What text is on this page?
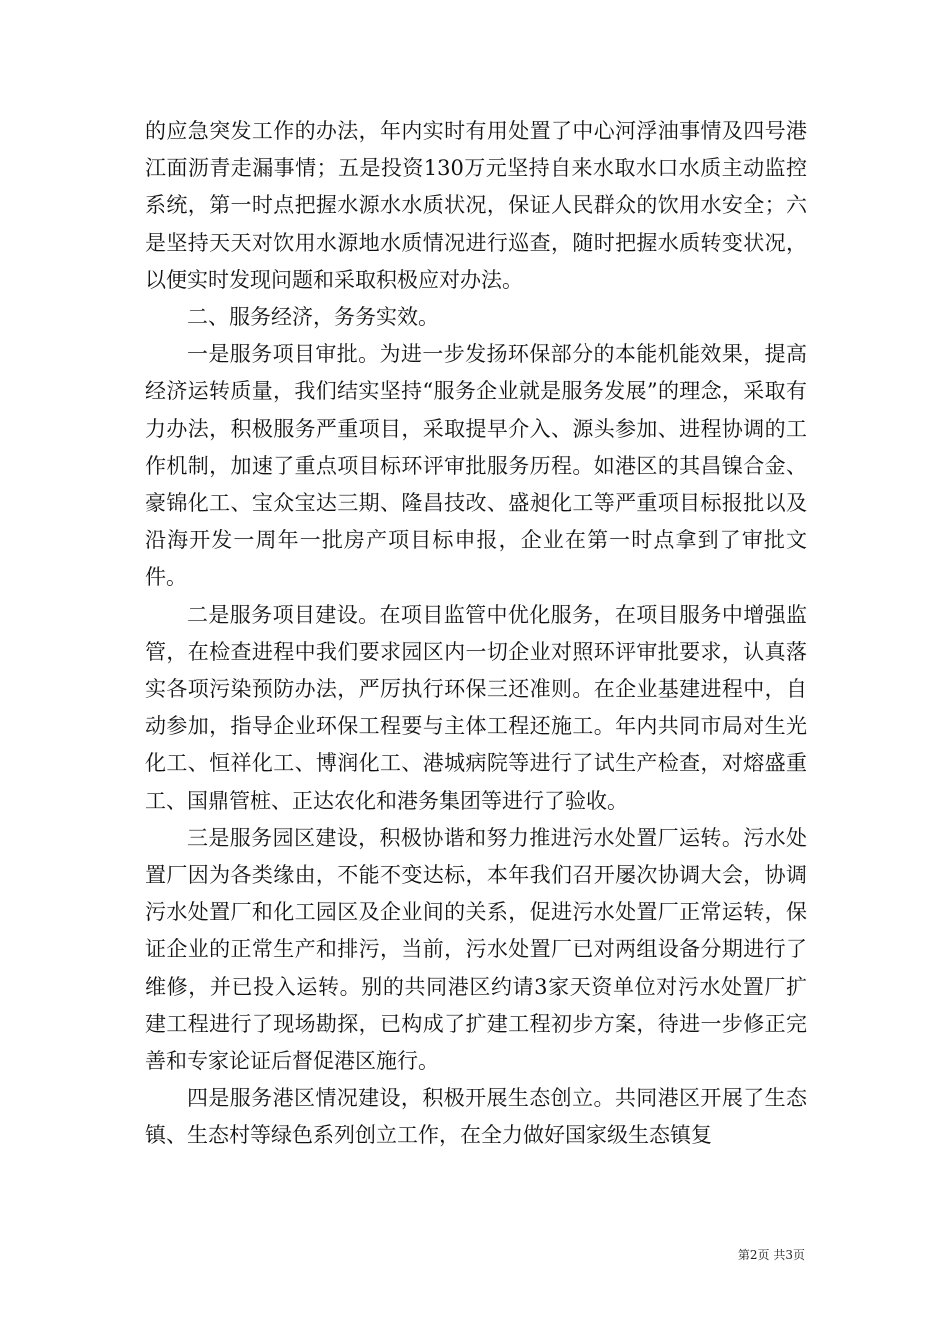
的应急突发工作的办法，年内实时有用处置了中心河浮油事情及四号港江面沥青走漏事情；五是投资130万元坚持自来水取水口水质主动监控系统，第一时点把握水源水水质状况，保证人民群众的饮用水安全；六是坚持天天对饮用水源地水质情况进行巡查，随时把握水质转变状况，以便实时发现问题和采取积极应对办法。

二、服务经济，务务实效。

一是服务项目审批。为进一步发扬环保部分的本能机能效果，提高经济运转质量，我们结实坚持“服务企业就是服务发展”的理念，采取有力办法，积极服务严重项目，采取提早介入、源头参加、进程协调的工作机制，加速了重点项目标环评审批服务历程。如港区的其昌镍合金、豪锦化工、宝众宝达三期、隆昌技改、盛昶化工等严重项目标报批以及沿海开发一周年一批房产项目标申报，企业在第一时点拿到了审批文件。

二是服务项目建设。在项目监管中优化服务，在项目服务中增强监管，在检查进程中我们要求园区内一切企业对照环评审批要求，认真落实各项污染预防办法，严厉执行环保三还准则。在企业基建进程中，自动参加，指导企业环保工程要与主体工程还施工。年内共同市局对生光化工、恒祥化工、博润化工、港城病院等进行了试生产检查，对熔盛重工、国鼎管桩、正达农化和港务集团等进行了验收。

三是服务园区建设，积极协谐和努力推进污水处置厂运转。污水处置厂因为各类缘由，不能不变达标，本年我们召开屡次协调大会，协调污水处置厂和化工园区及企业间的关系，促进污水处置厂正常运转，保证企业的正常生产和排污，当前，污水处置厂已对两组设备分期进行了维修，并已投入运转。别的共同港区约请3家天资单位对污水处置厂扩建工程进行了现场勘探，已构成了扩建工程初步方案，待进一步修正完善和专家论证后督促港区施行。

四是服务港区情况建设，积极开展生态创立。共同港区开展了生态镇、生态村等绿色系列创立工作，在全力做好国家级生态镇复

第2页 共3页
